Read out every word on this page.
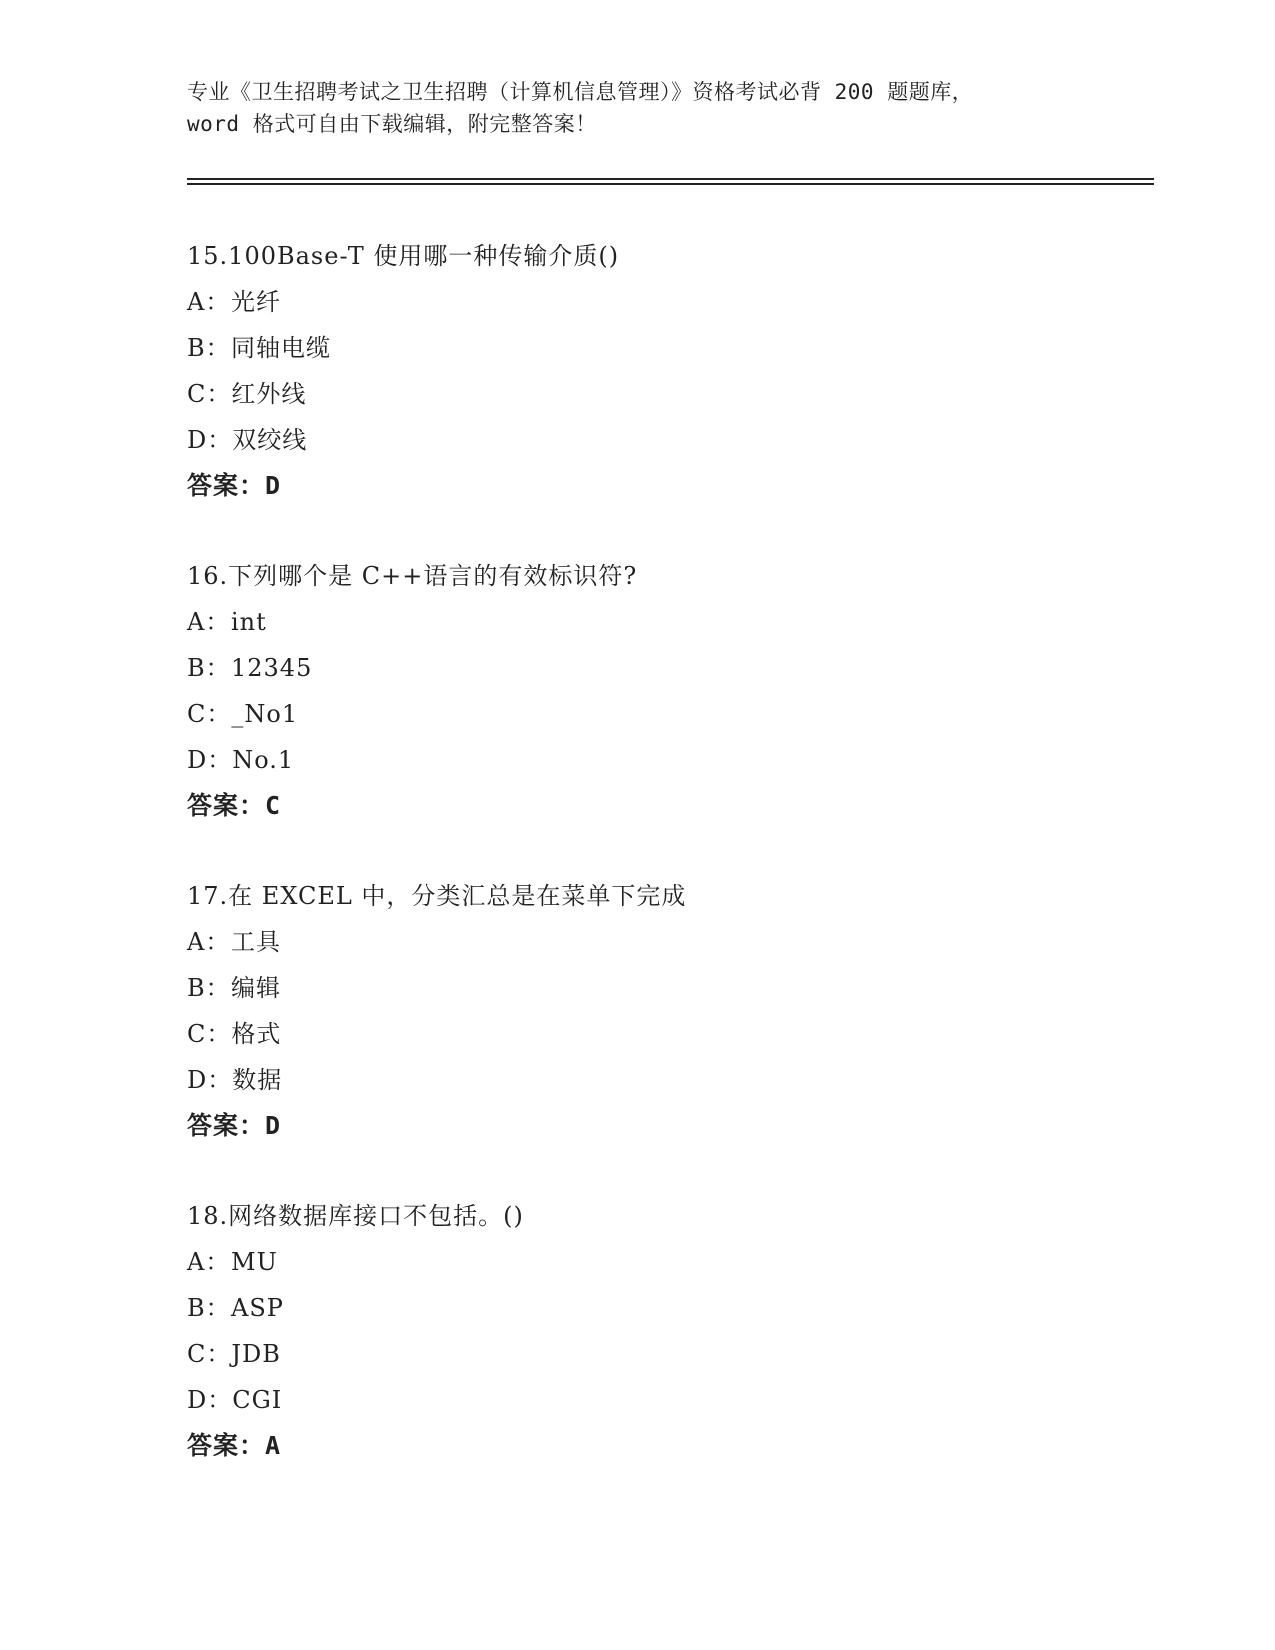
专业《卫生招聘考试之卫生招聘（计算机信息管理）》资格考试必背 200 题题库，
word 格式可自由下载编辑，附完整答案！
15.100Base-T 使用哪一种传输介质()
A：光纤
B：同轴电缆
C：红外线
D：双绞线
答案：D
16.下列哪个是 C++语言的有效标识符?
A：int
B：12345
C：_No1
D：No.1
答案：C
17.在 EXCEL 中，分类汇总是在菜单下完成
A：工具
B：编辑
C：格式
D：数据
答案：D
18.网络数据库接口不包括。()
A：MU
B：ASP
C：JDB
D：CGI
答案：A
